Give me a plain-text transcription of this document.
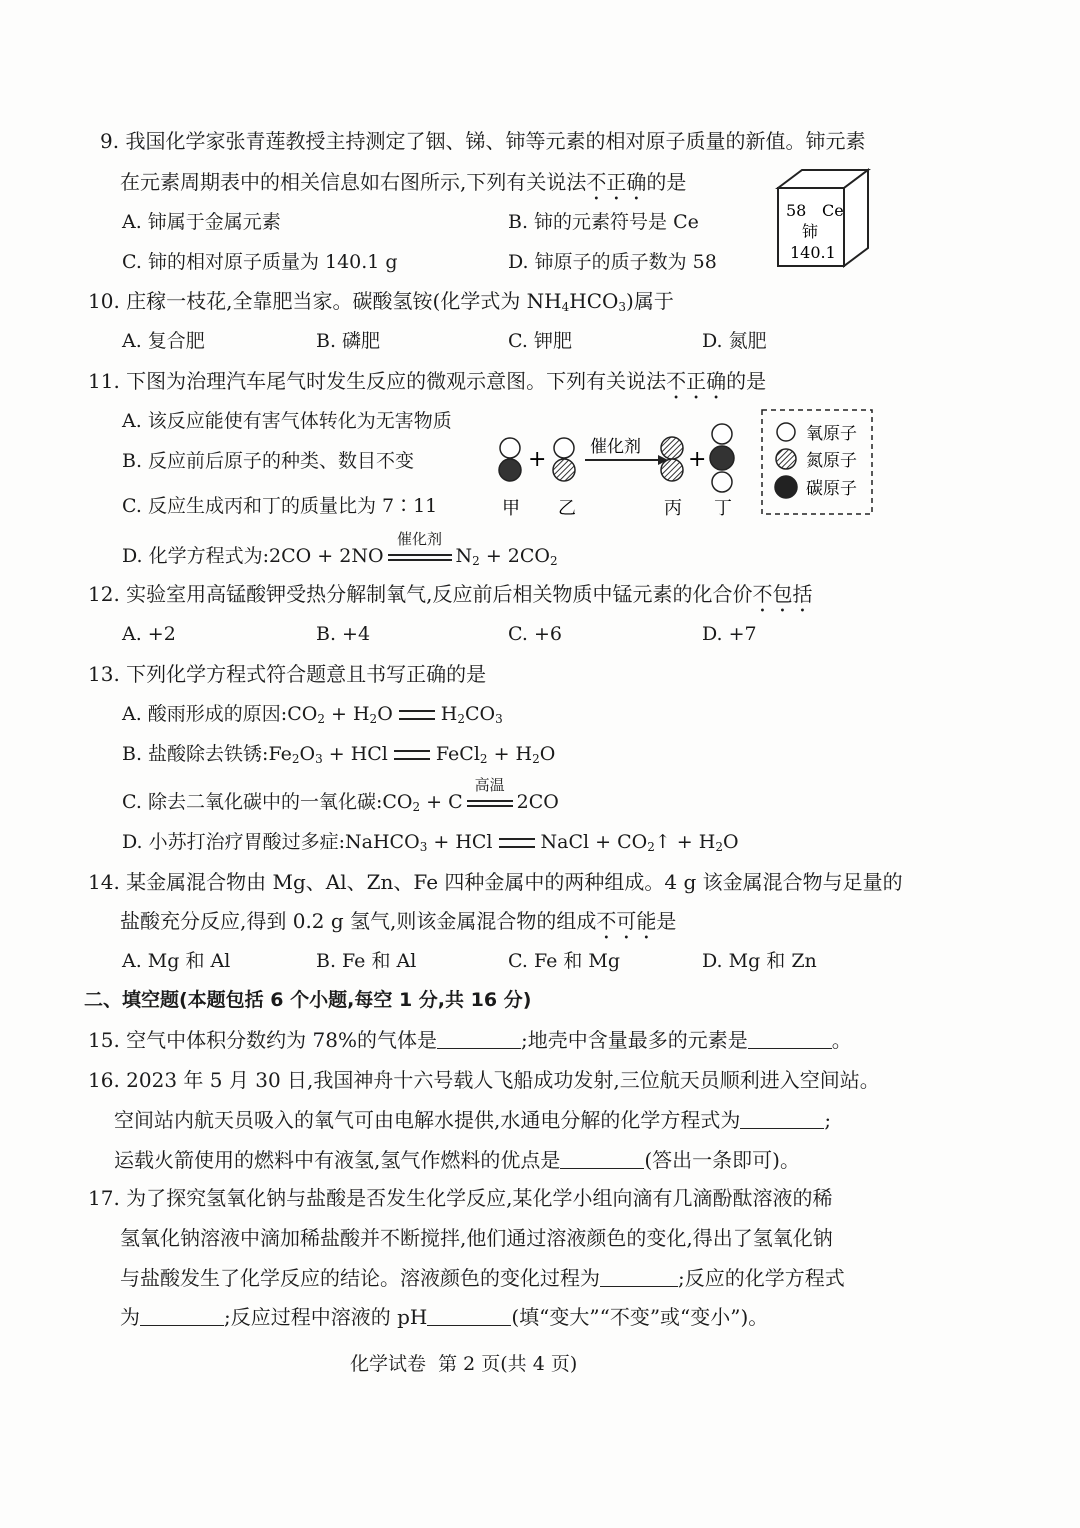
9. 我国化学家张青莲教授主持测定了铟、锑、铈等元素的相对原子质量的新值。铈元素
在元素周期表中的相关信息如右图所示,下列有关说法不正确的是
A. 铈属于金属元素	B. 铈的元素符号是 Ce
C. 铈的相对原子质量为 140.1 g	D. 铈原子的质子数为 58
58 Ce
铈
140.1
10. 庄稼一枝花,全靠肥当家。碳酸氢铵(化学式为 $NH_4HCO_3$)属于
A. 复合肥	B. 磷肥	C. 钾肥	D. 氮肥
11. 下图为治理汽车尾气时发生反应的微观示意图。下列有关说法不正确的是
A. 该反应能使有害气体转化为无害物质
B. 反应前后原子的种类、数目不变
C. 反应生成丙和丁的质量比为 7∶11
D. 化学方程式为:2CO + 2NO
催化剂
$N_2 + 2CO_2$
+	催化剂 +
甲 乙	丙 丁
氧原子
氮原子
碳原子
12. 实验室用高锰酸钾受热分解制氧气,反应前后相关物质中锰元素的化合价不包括
A. +2	B. +4	C. +6	D. +7
13. 下列化学方程式符合题意且书写正确的是
A. 酸雨形成的原因$:CO_2 + H_2O$	$H_2CO_3$
B. 盐酸除去铁锈$:Fe_2O_3$ + HCl	FeCl$_2$ + $H_2O$
C. 除去二氧化碳中的一氧化碳$:CO_2 + C$
高温
2CO
D. 小苏打治疗胃酸过多症:NaHCO$_3$ + HCl	NaCl + $CO_2↑ + H_2O$
14. 某金属混合物由 Mg、Al、Zn、Fe 四种金属中的两种组成。4 g 该金属混合物与足量的
盐酸充分反应,得到 0.2 g 氢气,则该金属混合物的组成不可能是
A. Mg 和 Al	B. Fe 和 Al	C. Fe 和 Mg	D. Mg 和 Zn
二、填空题(本题包括 6 个小题,每空 1 分,共 16 分)
15. 空气中体积分数约为 78%的气体是	;地壳中含量最多的元素是	。
16. 2023 年 5 月 30 日,我国神舟十六号载人飞船成功发射,三位航天员顺利进入空间站。
空间站内航天员吸入的氧气可由电解水提供,水通电分解的化学方程式为	;
运载火箭使用的燃料中有液氢,氢气作燃料的优点是	(答出一条即可)。
17. 为了探究氢氧化钠与盐酸是否发生化学反应,某化学小组向滴有几滴酚酞溶液的稀
氢氧化钠溶液中滴加稀盐酸并不断搅拌,他们通过溶液颜色的变化,得出了氢氧化钠
与盐酸发生了化学反应的结论。溶液颜色的变化过程为	;反应的化学方程式
为	;反应过程中溶液的 pH	(填“变大”“不变”或“变小”)。
化学试卷  第 2 页(共 4 页)
